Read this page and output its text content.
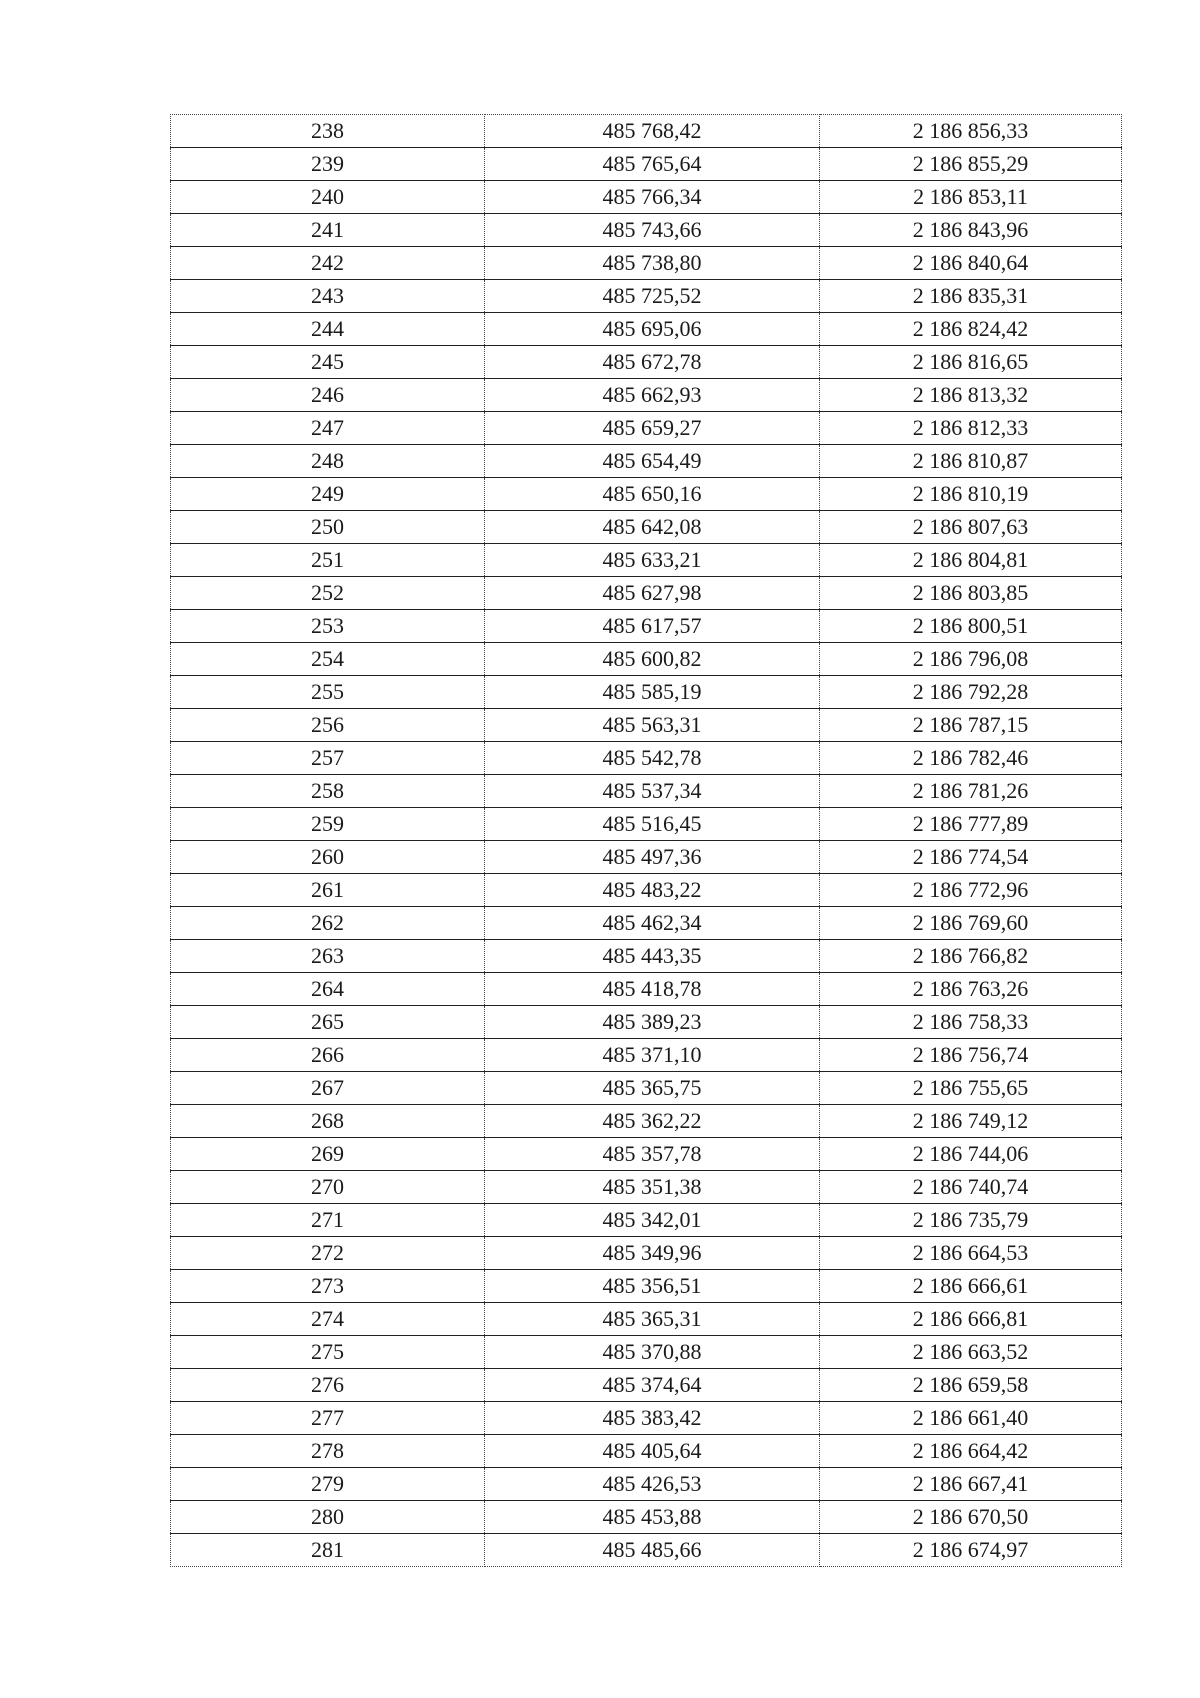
238	485 768,42	2 186 856,33
239	485 765,64	2 186 855,29
240	485 766,34	2 186 853,11
241	485 743,66	2 186 843,96
242	485 738,80	2 186 840,64
243	485 725,52	2 186 835,31
244	485 695,06	2 186 824,42
245	485 672,78	2 186 816,65
246	485 662,93	2 186 813,32
247	485 659,27	2 186 812,33
248	485 654,49	2 186 810,87
249	485 650,16	2 186 810,19
250	485 642,08	2 186 807,63
251	485 633,21	2 186 804,81
252	485 627,98	2 186 803,85
253	485 617,57	2 186 800,51
254	485 600,82	2 186 796,08
255	485 585,19	2 186 792,28
256	485 563,31	2 186 787,15
257	485 542,78	2 186 782,46
258	485 537,34	2 186 781,26
259	485 516,45	2 186 777,89
260	485 497,36	2 186 774,54
261	485 483,22	2 186 772,96
262	485 462,34	2 186 769,60
263	485 443,35	2 186 766,82
264	485 418,78	2 186 763,26
265	485 389,23	2 186 758,33
266	485 371,10	2 186 756,74
267	485 365,75	2 186 755,65
268	485 362,22	2 186 749,12
269	485 357,78	2 186 744,06
270	485 351,38	2 186 740,74
271	485 342,01	2 186 735,79
272	485 349,96	2 186 664,53
273	485 356,51	2 186 666,61
274	485 365,31	2 186 666,81
275	485 370,88	2 186 663,52
276	485 374,64	2 186 659,58
277	485 383,42	2 186 661,40
278	485 405,64	2 186 664,42
279	485 426,53	2 186 667,41
280	485 453,88	2 186 670,50
281	485 485,66	2 186 674,97
